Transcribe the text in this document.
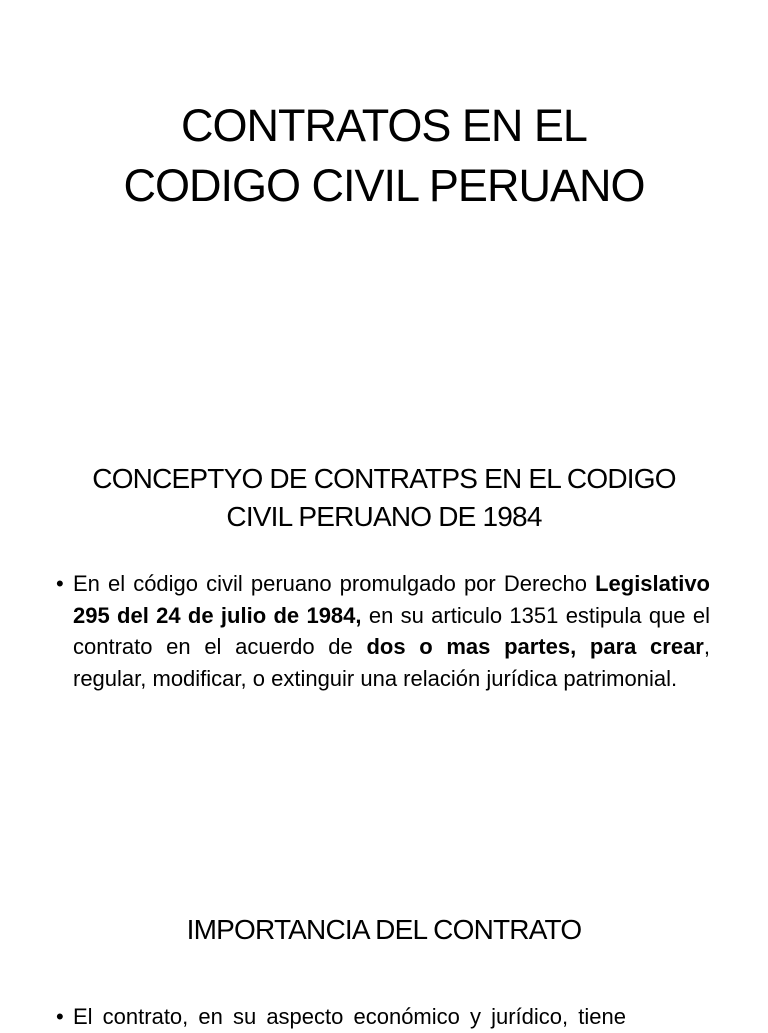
CONTRATOS EN EL
CODIGO CIVIL PERUANO
CONCEPTYO DE CONTRATPS EN EL CODIGO
CIVIL PERUANO DE 1984

• En el código civil peruano promulgado por Derecho Legislativo 295 del 24 de julio de 1984, en su articulo 1351 estipula que el contrato en el acuerdo de dos o mas partes, para crear, regular, modificar, o extinguir una relación jurídica patrimonial.

IMPORTANCIA DEL CONTRATO

• El contrato, en su aspecto económico y jurídico, tiene
